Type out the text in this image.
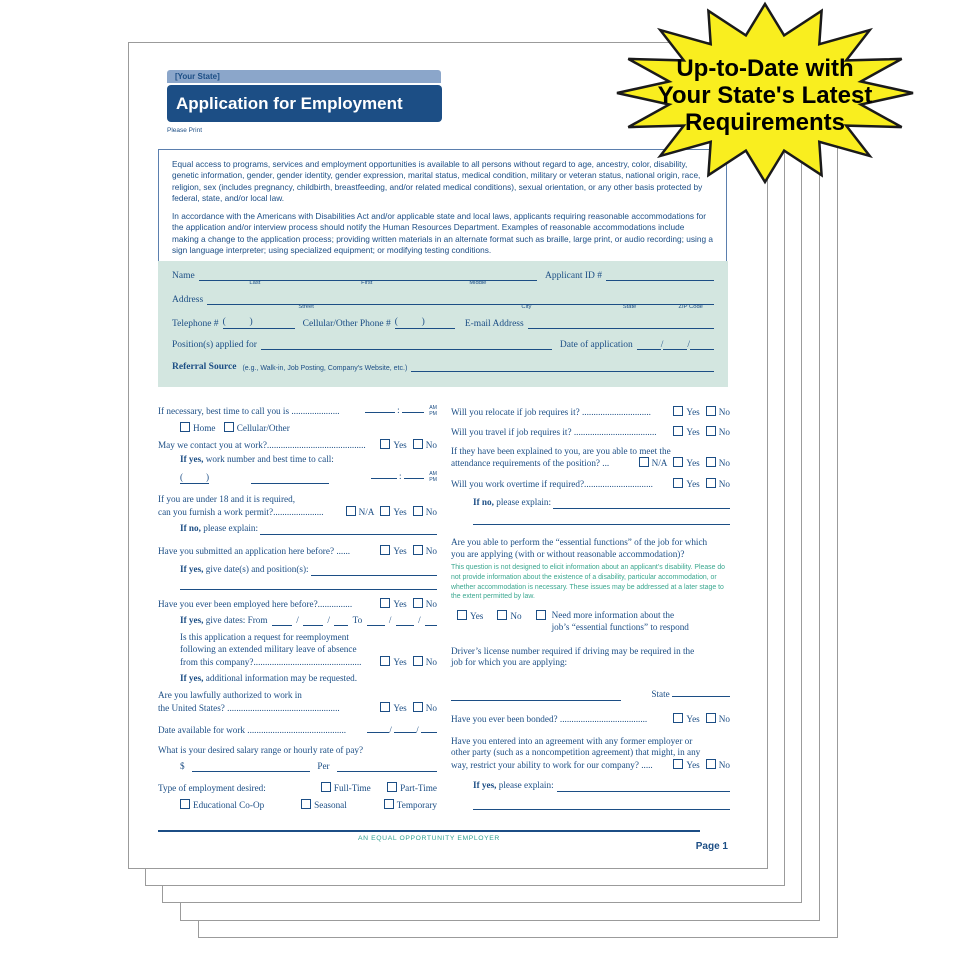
[Your State]
Application for Employment
Please Print

Equal access to programs, services and employment opportunities is available to all persons without regard to age, ancestry, color, disability, genetic information, gender, gender identity, gender expression, marital status, medical condition, military or veteran status, national origin, race, religion, sex (includes pregnancy, childbirth, breastfeeding, and/or related medical conditions), sexual orientation, or any other basis protected by federal, state, and/or local law.

In accordance with the Americans with Disabilities Act and/or applicable state and local laws, applicants requiring reasonable accommodations for the application and/or interview process should notify the Human Resources Department. Examples of reasonable accommodations include making a change to the application process; providing written materials in an alternate format such as braille, large print, or audio recording; using a sign language interpreter; using specialized equipment; or modifying testing conditions.

Name
Last	First	Middle
Applicant ID #
Address
Street	City	State	ZIP Code
Telephone # (          )	Cellular/Other Phone # (          )	E-mail Address
Position(s) applied for	Date of application	/	/
Referral Source (e.g., Walk-in, Job Posting, Company’s Website, etc.)
If necessary, best time to call you is .....................	:	AM
PM
Home Cellular/Other
May we contact you at work?...........................................	Yes No
If yes, work number and best time to call:
(          )	:	AM
PM
If you are under 18 and it is required,
can you furnish a work permit?......................	N/A Yes No
If no, please explain:
Have you submitted an application here before? ......	Yes No
If yes, give date(s) and position(s):
Have you ever been employed here before?...............	Yes No
If yes, give dates: From	/	/ To	/	/
Is this application a request for reemployment
following an extended military leave of absence
from this company?...............................................	Yes No
If yes, additional information may be requested.
Are you lawfully authorized to work in
the United States? .................................................	Yes No
Date available for work ...........................................	/	/
What is your desired salary range or hourly rate of pay?
$	Per
Type of employment desired:	Full-Time	Part-Time
Educational Co-Op	Seasonal	Temporary
Will you relocate if job requires it? ..............................	Yes No
Will you travel if job requires it? ....................................	Yes No
If they have been explained to you, are you able to meet the
attendance requirements of the position? ...	N/A Yes No
Will you work overtime if required?..............................	Yes No
If no, please explain:
Are you able to perform the “essential functions” of the job for which
you are applying (with or without reasonable accommodation)?
This question is not designed to elicit information about an applicant’s disability. Please do not provide information about the existence of a disability, particular accommodation, or whether accommodation is necessary. These issues may be addressed at a later stage to the extent permitted by law.
Yes	No	Need more information about the
job’s “essential functions” to respond
Driver’s license number required if driving may be required in the
job for which you are applying:
State
Have you ever been bonded? ......................................	Yes No
Have you entered into an agreement with any former employer or
other party (such as a noncompetition agreement) that might, in any
way, restrict your ability to work for our company? .....	Yes No
If yes, please explain:
AN EQUAL OPPORTUNITY EMPLOYER
Page 1
Up-to-Date with
Your State's Latest
Requirements
